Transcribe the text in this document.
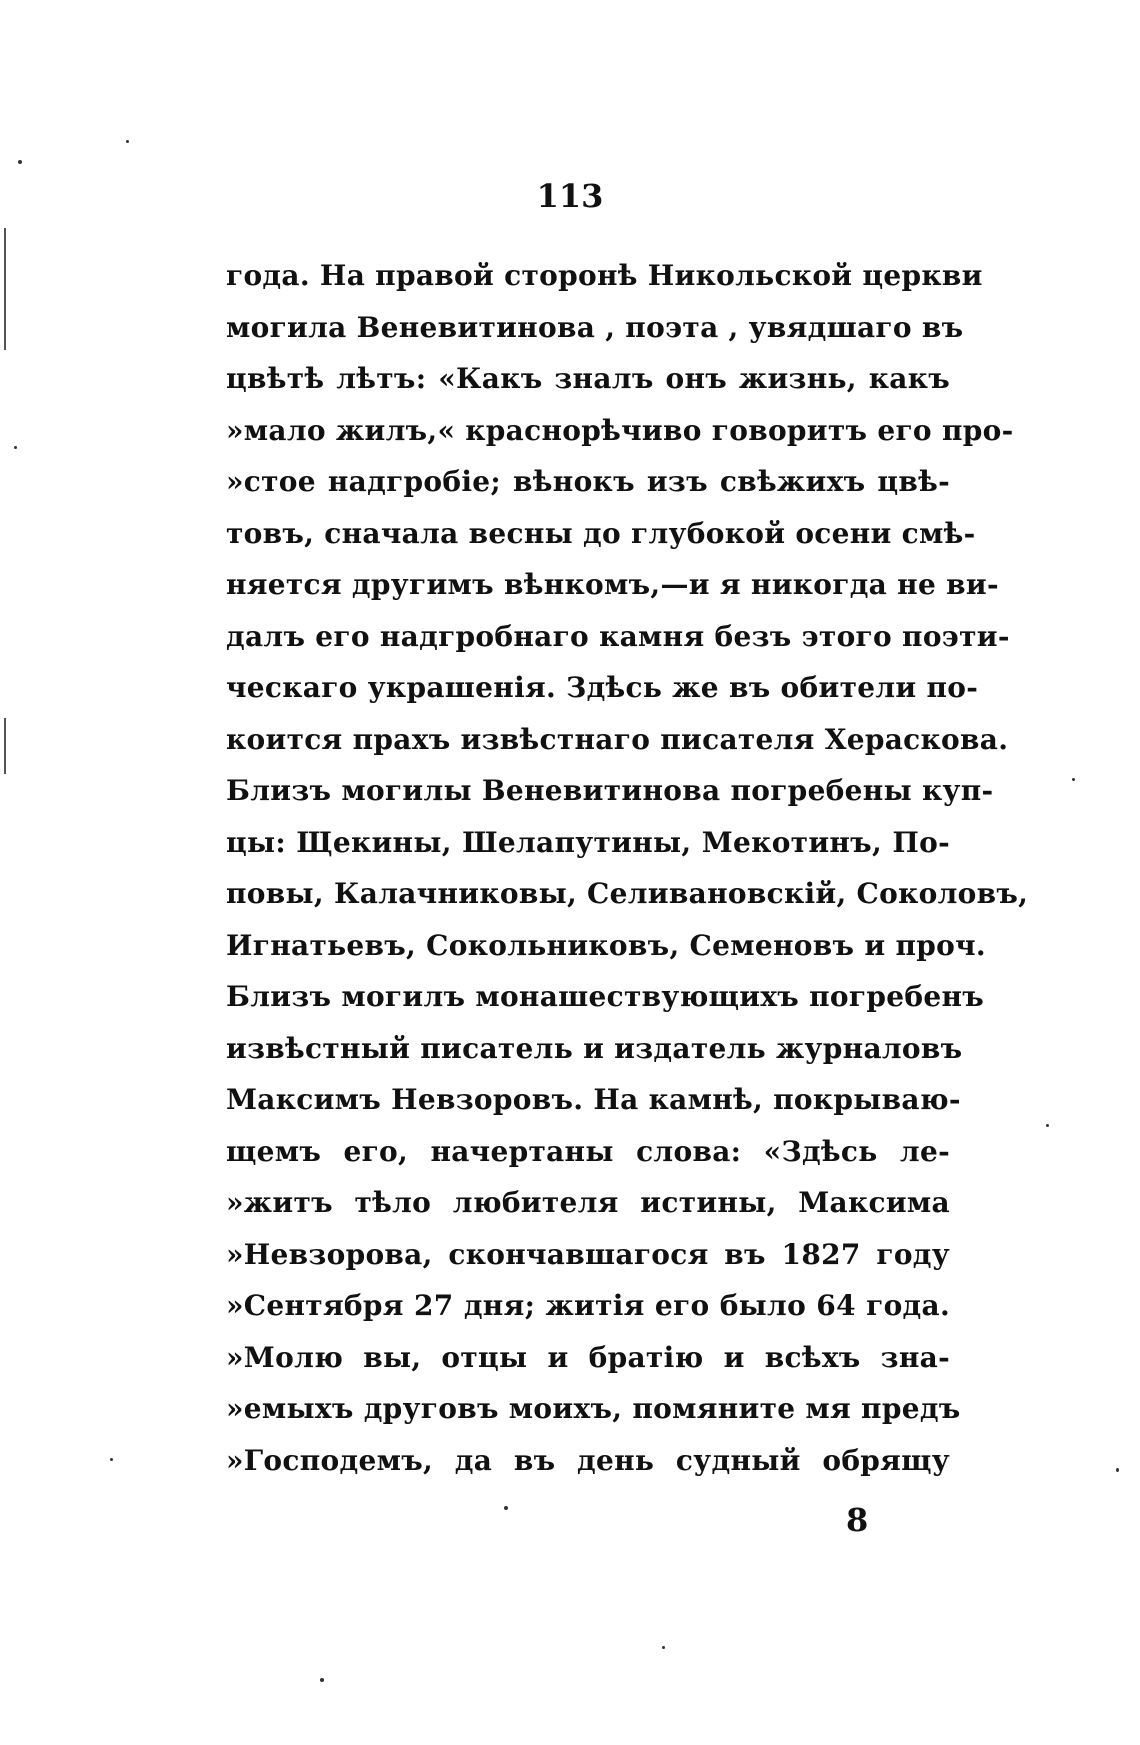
113
года. На правой сторонѣ Никольской церкви
могила Веневитинова , поэта , увядшаго въ
цвѣтѣ лѣтъ: «Какъ зналъ онъ жизнь, какъ
»мало жилъ,« краснорѣчиво говоритъ его про-
»стое надгробіе; вѣнокъ изъ свѣжихъ цвѣ-
товъ, сначала весны до глубокой осени смѣ-
няется другимъ вѣнкомъ,—и я никогда не ви-
далъ его надгробнаго камня безъ этого поэти-
ческаго украшенія. Здѣсь же въ обители по-
коится прахъ извѣстнаго писателя Хераскова.
Близъ могилы Веневитинова погребены куп-
цы: Щекины, Шелапутины, Мекотинъ, По-
повы, Калачниковы, Селивановскій, Соколовъ,
Игнатьевъ, Сокольниковъ, Семеновъ и проч.
Близъ могилъ монашествующихъ погребенъ
извѣстный писатель и издатель журналовъ
Максимъ Невзоровъ. На камнѣ, покрываю-
щемъ его, начертаны слова: «Здѣсь ле-
»житъ тѣло любителя истины, Максима
»Невзорова, скончавшагося въ 1827 году
»Сентября 27 дня; житія его было 64 года.
»Молю вы, отцы и братію и всѣхъ зна-
»емыхъ друговъ моихъ, помяните мя предъ
»Господемъ, да въ день судный обрящу
8
